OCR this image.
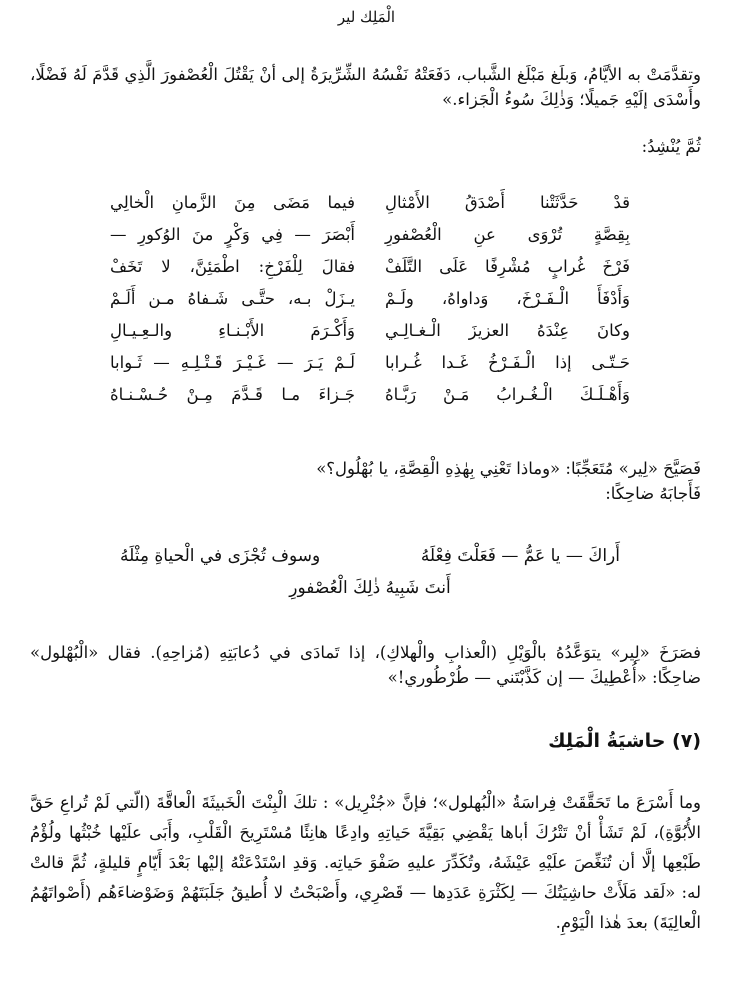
الْمَلِك لير
وتقدَّمَتْ به الأيَّامُ، وَبلَغ مَبْلَغ الشَّباب، دَفَعَتْهُ نَفْسُهُ الشِّرِّيرَةُ إلى أنْ يَقْتُلَ الْعُصْفورَ الَّذِي قَدَّمَ لَهُ فَضْلًا، وأَسْدَى إلَيْهِ جَميلًا؛ وَذٰلِكَ سُوءُ الْجَزاء.»
ثُمَّ يُنْشِدُ:
قدْ حَدَّثَتْنا أَصْدَقُ الأَمْثالِ		فيما مَضَى مِنَ الزَّمانِ الْخالِي
بِقِصَّةٍ تُرْوَى عنِ الْعُصْفورِ		أَبْصَرَ — فِي وَكْرٍ منَ الوُكورِ —
فَرْخَ غُرابٍ مُشْرِفًا عَلَى التَّلَفْ		فقالَ لِلْفَرْخِ: اطْمَئِنَّ، لا تَخَفْ
وَأَدْفَأَ الْـفَـرْخَ، وَداواهُ، ولَـمْ		يـزَلْ بـه، حتَّـى شَـفاهُ مـن أَلَـمْ
وكانَ عِنْدَهُ العزيزَ الْـغـالِـي		وَأَكْـرَمَ الأَبْـنـاءِ والـعِـيـالِ
حَـتّـى إذا الْـفَـرْخُ غَـدا غُـرابا		لَـمْ يَـرَ — غَـيْـرَ قَـتْـلِـهِ — ثَـوابا
وَأَهْـلَـكَ الْـغُـرابُ مَـنْ رَبَّـاهُ		جَـزاءَ مـا قَـدَّمَ مِـنْ حُـسْـنـاهُ
فَصَيَّحَ «لِير» مُتَعَجِّبًا: «وماذا تَعْنِي بِهٰذِهِ الْقِصَّةِ، يا بُهْلُول؟»
فَأَجابَهُ ضاحِكًا:
أَراكَ — يا عَمُّ — فَعَلْتَ فِعْلَهُ
وسوف تُجْزَى في الْحياةِ مِثْلَهُ
أَنتَ شَبِيهُ ذٰلِكَ الْعُصْفورِ
فصَرَخَ «لِير» يتوَعَّدُهُ بالْوَيْلِ (الْعذابِ والْهلاكِ)، إذا تَمادَى في دُعابَتِهِ (مُزاحِهِ). فقال «الْبُهْلول» ضاحِكًا: «أُعْطِيكَ — إن كَذَّبْتَني — طُرْطُوري!»
(٧) حاشيَةُ الْمَلِك
وما أَسْرَعَ ما تَحَقَّقَتْ فِراسَةُ «الْبُهلول»؛ فإنَّ «جُنْرِيل» : تلكَ الْبِنْتَ الْخَبيثَةَ الْعاقَّةَ (الّتي لَمْ تُراعِ حَقَّ الأُبُوَّةِ)، لَمْ تَشَأْ أنْ تَتْرُكَ أباها يَقْضِي بَقِيَّةَ حَياتِهِ وادِعًا هانِئًا مُسْتَرِيحَ الْقَلْبِ، وأَبَى علَيْها خُبْثُها ولُؤْمُ طَبْعِها إلَّا أن تُنَغِّصَ علَيْهِ عَيْشَهُ، وتُكَدِّرَ عليهِ صَفْوَ حَياتِه. وَقدِ اسْتَدْعَتْهُ إليْها بَعْدَ أَيّامٍ قليلةٍ، ثُمَّ قالتْ له: «لَقد مَلَأَتْ حاشِيَتُكَ — لِكَثْرَةِ عَدَدِها — قَصْرِي، وأَصْبَحْتُ لا أُطيقُ جَلَبَتَهُمْ وَضَوْضاءَهُم (أَصْواتَهُمُ الْعالِيَةَ) بعدَ هٰذا الْيَوْمِ.
